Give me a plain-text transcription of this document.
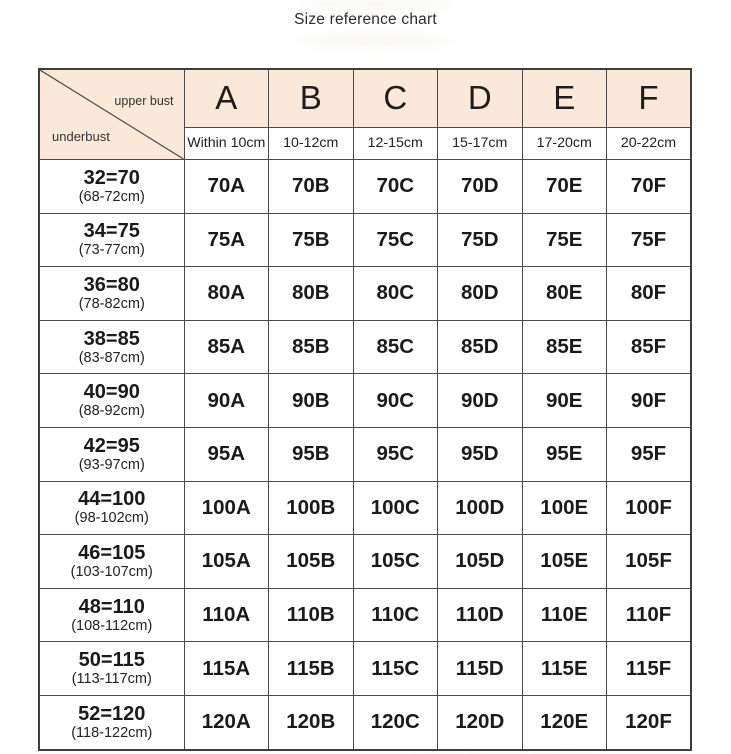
Size reference chart
upper bust
underbust	A	B	C	D	E	F
	Within 10cm	10-12cm	12-15cm	15-17cm	17-20cm	20-22cm

32=70
(68-72cm)	70A	70B	70C	70D	70E	70F

34=75
(73-77cm)	75A	75B	75C	75D	75E	75F

36=80
(78-82cm)	80A	80B	80C	80D	80E	80F

38=85
(83-87cm)	85A	85B	85C	85D	85E	85F

40=90
(88-92cm)	90A	90B	90C	90D	90E	90F

42=95
(93-97cm)	95A	95B	95C	95D	95E	95F

44=100
(98-102cm)	100A	100B	100C	100D	100E	100F

46=105
(103-107cm)	105A	105B	105C	105D	105E	105F

48=110
(108-112cm)	110A	110B	110C	110D	110E	110F

50=115
(113-117cm)	115A	115B	115C	115D	115E	115F

52=120
(118-122cm)	120A	120B	120C	120D	120E	120F
